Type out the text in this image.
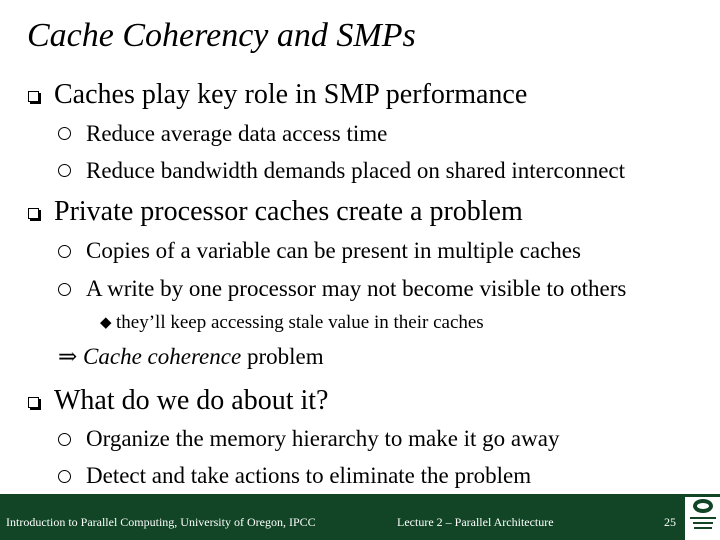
Cache Coherency and SMPs
Caches play key role in SMP performance
Reduce average data access time
Reduce bandwidth demands placed on shared interconnect
Private processor caches create a problem
Copies of a variable can be present in multiple caches
A write by one processor may not become visible to others
◆ they’ll keep accessing stale value in their caches
⇒ Cache coherence problem
What do we do about it?
Organize the memory hierarchy to make it go away
Detect and take actions to eliminate the problem
Introduction to Parallel Computing, University of Oregon, IPCC	Lecture 2 – Parallel Architecture	25
